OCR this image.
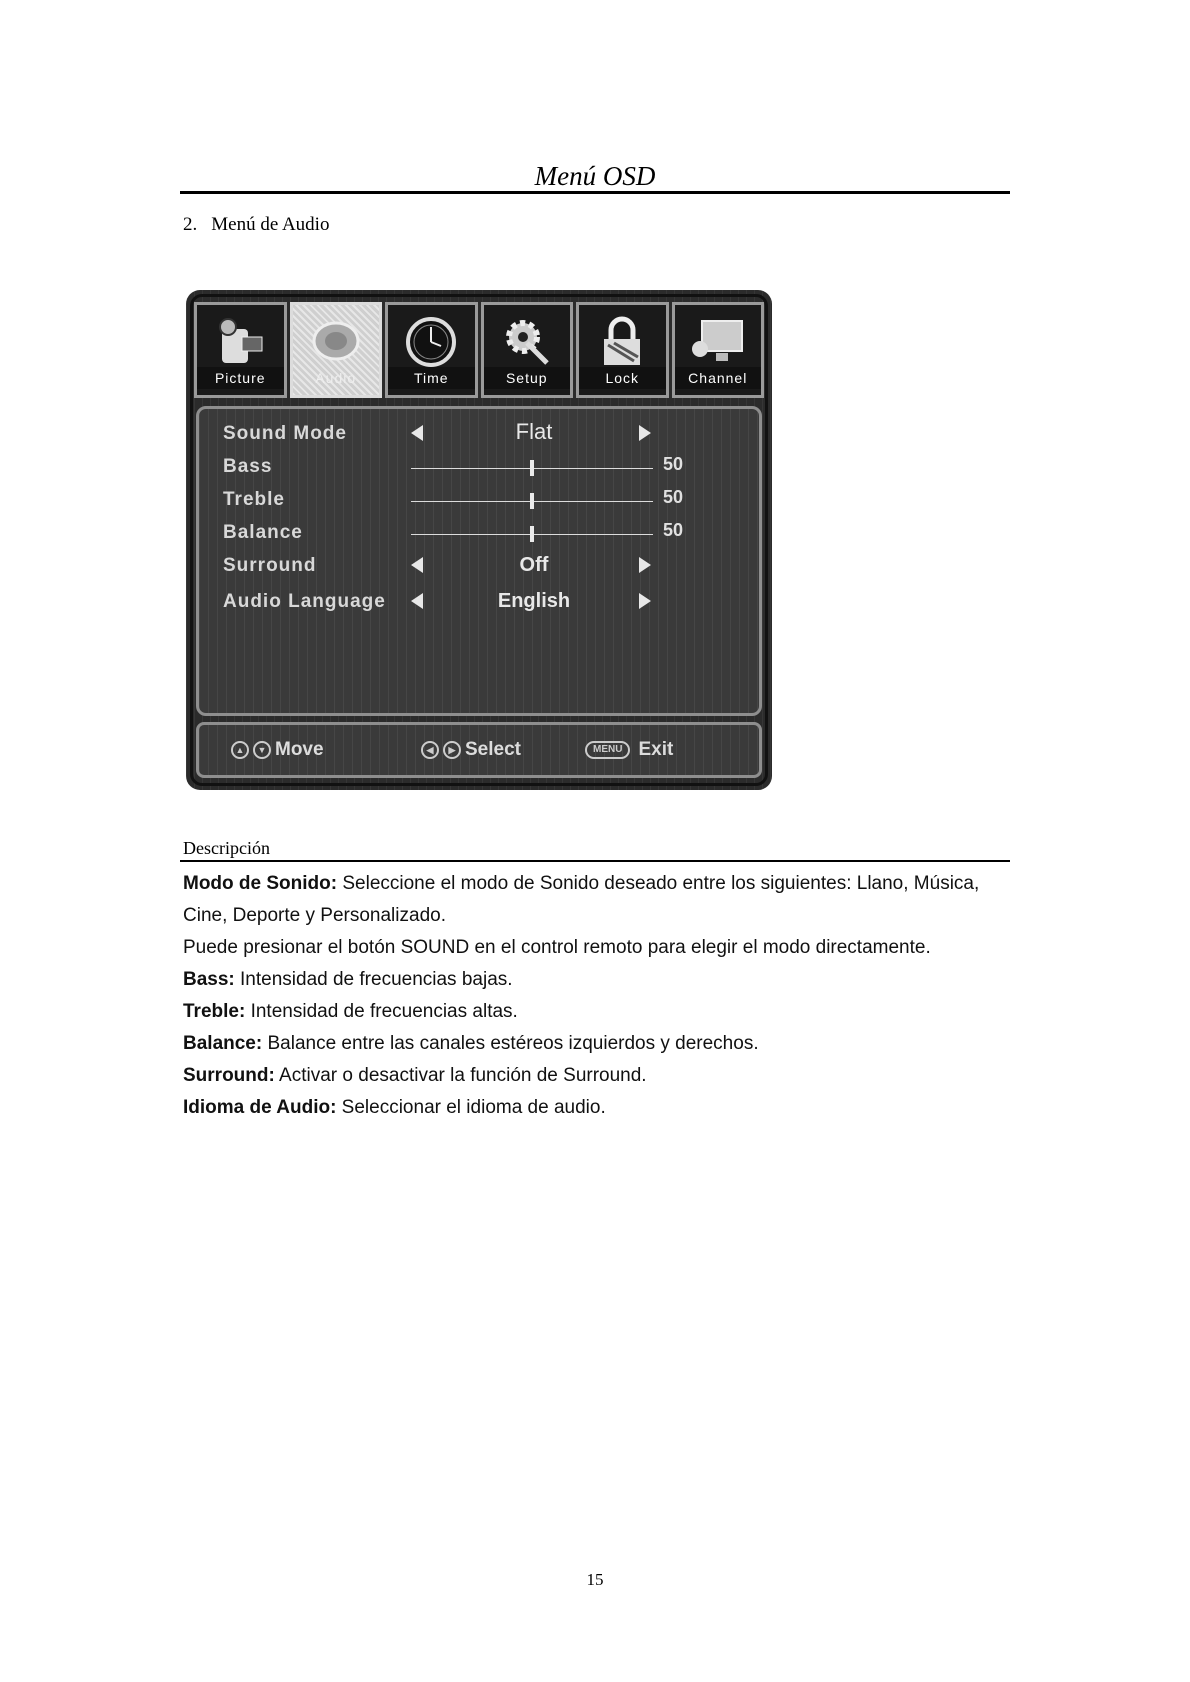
Menú OSD
2. Menú de Audio
Picture	Audio	Time	Setup	Lock	Channel
Sound Mode	Flat
Bass	50
Treble	50
Balance	50
Surround	Off
Audio Language	English
▲	▼ Move	◀	▶ Select	MENU Exit
Descripción

Modo de Sonido: Seleccione el modo de Sonido deseado entre los siguientes: Llano, Música, Cine, Deporte y Personalizado.

Puede presionar el botón SOUND en el control remoto para elegir el modo directamente.

Bass: Intensidad de frecuencias bajas.

Treble: Intensidad de frecuencias altas.

Balance: Balance entre las canales estéreos izquierdos y derechos.

Surround: Activar o desactivar la función de Surround.

Idioma de Audio: Seleccionar el idioma de audio.

15
